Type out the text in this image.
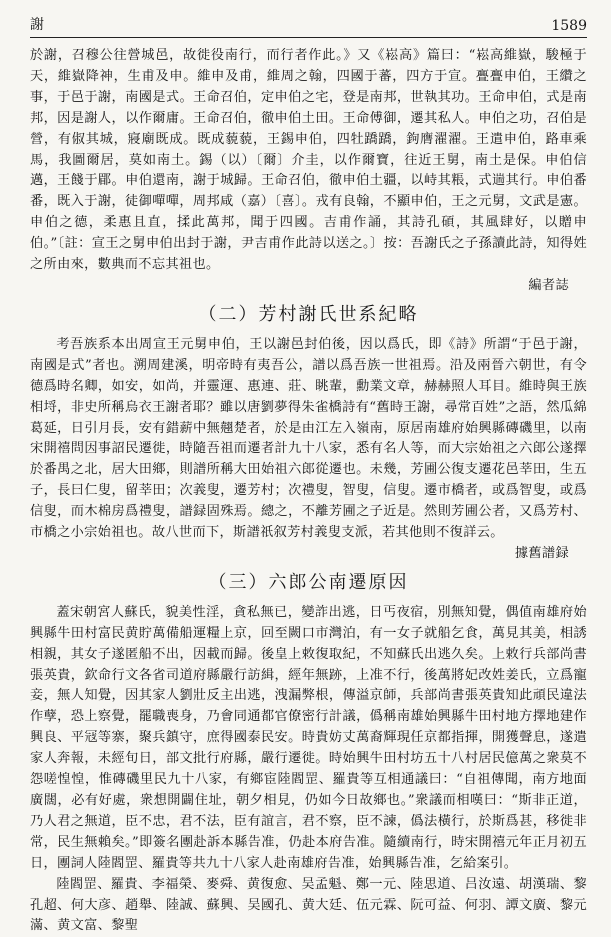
謝	1589

於謝，召穆公往營城邑，故徙役南行，而行者作此。》又《崧高》篇曰：“崧高維嶽，駿極于天，維嶽降神，生甫及申。維申及甫，維周之翰，四國于蕃，四方于宣。亹亹申伯，王纘之事，于邑于謝，南國是式。王命召伯，定申伯之宅，登是南邦，世執其功。王命申伯，式是南邦，因是謝人，以作爾庸。王命召伯，徹申伯土田。王命傅御，遷其私人。申伯之功，召伯是營，有俶其城，寢廟既成。既成藐藐，王錫申伯，四牡蹻蹻，鉤膺濯濯。王遣申伯，路車乘馬，我圖爾居，莫如南土。錫（以）〔爾〕介圭，以作爾寶，往近王舅，南土是保。申伯信邁，王餞于郿。申伯還南，謝于城歸。王命召伯，徹申伯土疆，以峙其粻，式遄其行。申伯番番，既入于謝，徒御嘽嘽，周邦咸（嘉）〔喜〕。戎有良翰，不顯申伯，王之元舅，文武是憲。申伯之德，柔惠且直，揉此萬邦，聞于四國。吉甫作誦，其詩孔碩，其風肆好，以贈申伯。”〔註：宣王之舅申伯出封于謝，尹吉甫作此詩以送之。〕按：吾謝氏之子孫讀此詩，知得姓之所由來，數典而不忘其祖也。

編者誌

（二）芳村謝氏世系紀略

考吾族系本出周宣王元舅申伯，王以謝邑封伯後，因以爲氏，即《詩》所謂“于邑于謝，南國是式”者也。溯周建溪，明帝時有夷吾公，譜以爲吾族一世祖焉。沿及兩晉六朝世，有令德爲時名卿，如安，如尚，并靈運、惠連、莊、眺輩，勳業文章，赫赫照人耳目。維時與王族相埒，非史所稱烏衣王謝者耶？雖以唐劉夢得朱雀橋詩有“舊時王謝，尋常百姓”之語，然瓜綿葛延，日引月長，安有錯薪中無翹楚者，於是由江左入嶺南，原居南雄府始興縣磚磯里，以南宋開禧問因事詔民遷徙，時隨吾祖而遷者計九十八家，悉有名人等，而大宗始祖之六郎公遂擇於番禺之北，居大田鄉，則譜所稱大田始祖六郎從遷也。未幾，芳圃公復支遷花邑莘田，生五子，長曰仁叟，留莘田；次義叟，遷芳村；次禮叟，智叟，信叟。遷市橋者，或爲智叟，或爲信叟，而木棉房爲禮叟，譜録固殊焉。總之，不離芳圃之子近是。然則芳圃公者，又爲芳村、市橋之小宗始祖也。故八世而下，斯譜祇叙芳村義叟支派，若其他則不復詳云。

據舊譜録

（三）六郎公南遷原因

蓋宋朝宮人蘇氏，貌美性淫，貪私無已，變詐出逃，日丐夜宿，別無知覺，偶值南雄府始興縣牛田村富民黄貯萬備船運糧上京，回至闕口市灣泊，有一女子就船乞食，萬見其美，相誘相親，其女子遂匿船不出，因載而歸。後皇上敕復取紀，不知蘇氏出逃久矣。上敕行兵部尚書張英貴，欽命行文各省司道府縣嚴行訪緝，經年無跡，上准不行，後萬將妃改姓姜氏，立爲寵妾，無人知覺，因其家人劉壯反主出逃，洩漏弊根，傳溢京師，兵部尚書張英貴知此頑民違法作孽，恐上察覺，罷職喪身，乃會同通都官僚密行計議，僞稱南雄始興縣牛田村地方擇地建作興良、平冦等寨，聚兵鎮守，庶得國泰民安。時貴妨丈萬裔輝現任京都指揮，開獲聲息，遂遣家人奔報，未經旬日，部文批行府縣，嚴行遷徙。時始興牛田村坊五十八村居民億萬之衆莫不怨嗟惶惶，惟磚磯里民九十八家，有鄉宦陸閻罡、羅貴等互相通議曰：“自祖傳聞，南方地面廣闊，必有好處，衆想開闢住址，朝夕相見，仍如今日故鄉也。”衆議而相嘆曰：“斯非正道，乃人君之無道，臣不忠，君不法，臣有誼言，君不察，臣不諫，僞法橫行，於斯爲甚，移徙非常，民生無賴矣。”即簽名團赴訴本縣告准，仍赴本府告准。隨續南行，時宋開禧元年正月初五日，團詞人陸閻罡、羅貴等共九十八家人赴南雄府告准，始興縣告准，乞給案引。

陸閻罡、羅貴、李福榮、麥舜、黄復愈、吴孟魁、鄭一元、陸思道、吕汝遠、胡漢瑞、黎孔超、何大彦、趙舉、陸誠、蘇興、吴國孔、黄大廷、伍元霖、阮可益、何羽、譚文廣、黎元滿、黄文富、黎聖
